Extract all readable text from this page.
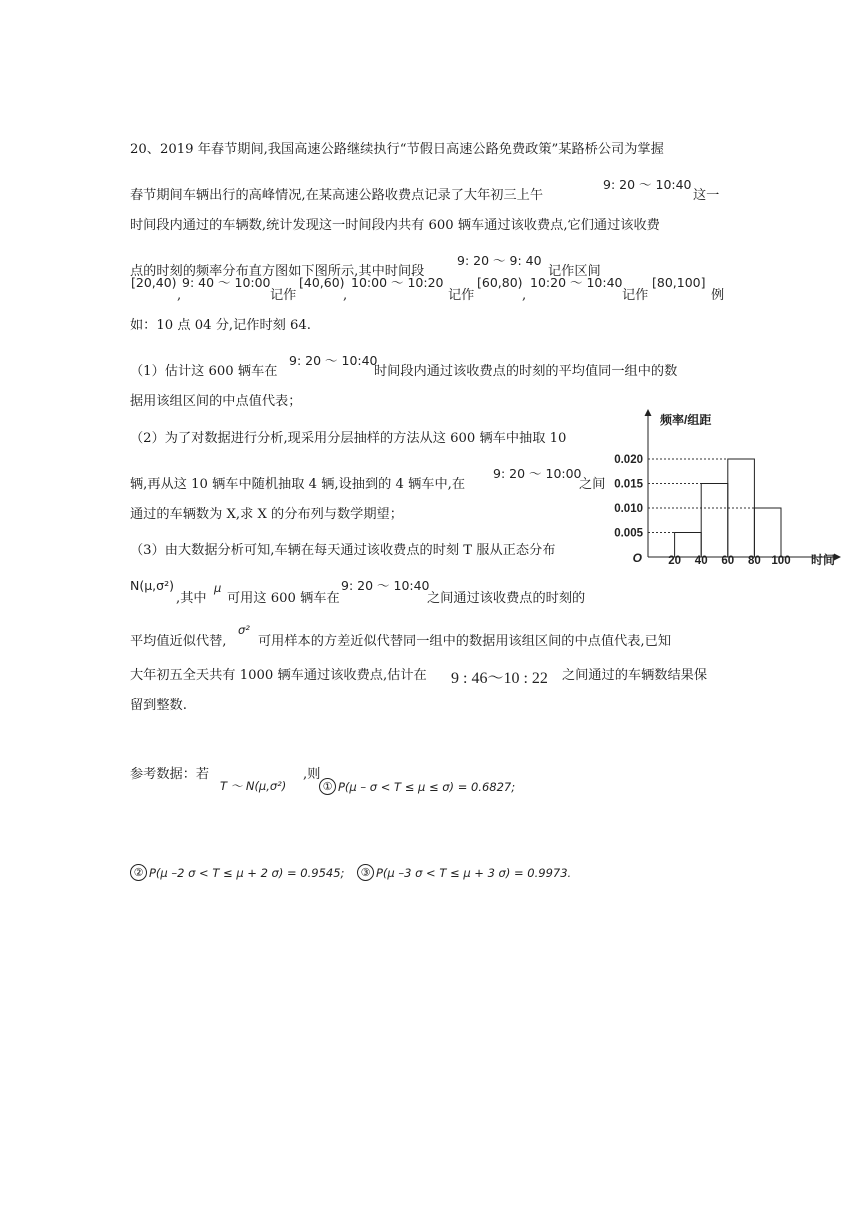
20、2019 年春节期间,我国高速公路继续执行“节假日高速公路免费政策”某路桥公司为掌握
春节期间车辆出行的高峰情况,在某高速公路收费点记录了大年初三上午
9: 20 ～ 10:40
这一
时间段内通过的车辆数,统计发现这一时间段内共有 600 辆车通过该收费点,它们通过该收费
点的时刻的频率分布直方图如下图所示,其中时间段
9: 20 ～ 9: 40
记作区间
[20,40)
,
9: 40 ～ 10:00
记作
[40,60)
,
10:00 ～ 10:20
记作
[60,80)
,
10:20 ～ 10:40
记作
[80,100]
例
如：10 点 04 分,记作时刻 64.
（1）估计这 600 辆车在
9: 20 ～ 10:40
时间段内通过该收费点的时刻的平均值同一组中的数
据用该组区间的中点值代表；
（2）为了对数据进行分析,现采用分层抽样的方法从这 600 辆车中抽取 10
辆,再从这 10 辆车中随机抽取 4 辆,设抽到的 4 辆车中,在
9: 20 ～ 10:00
之间
通过的车辆数为 X,求 X 的分布列与数学期望；
（3）由大数据分析可知,车辆在每天通过该收费点的时刻 T 服从正态分布
N(μ,σ²)
,其中
μ
可用这 600 辆车在
9: 20 ～ 10:40
之间通过该收费点的时刻的
平均值近似代替,
σ²
可用样本的方差近似代替同一组中的数据用该组区间的中点值代表,已知
大年初五全天共有 1000 辆车通过该收费点,估计在 9 : 46～10 : 22 之间通过的车辆数结果保
留到整数.
参考数据：若
T ～ N(μ,σ²)
,则
① P(μ – σ < T ≤ μ ≤ σ) = 0.6827;
② P(μ –2 σ < T ≤ μ + 2 σ) = 0.9545;	③ P(μ –3 σ < T ≤ μ + 3 σ) = 0.9973.
频率/组距
时间
O
0.005
0.010
0.015
0.020
20 40 60 80 100
